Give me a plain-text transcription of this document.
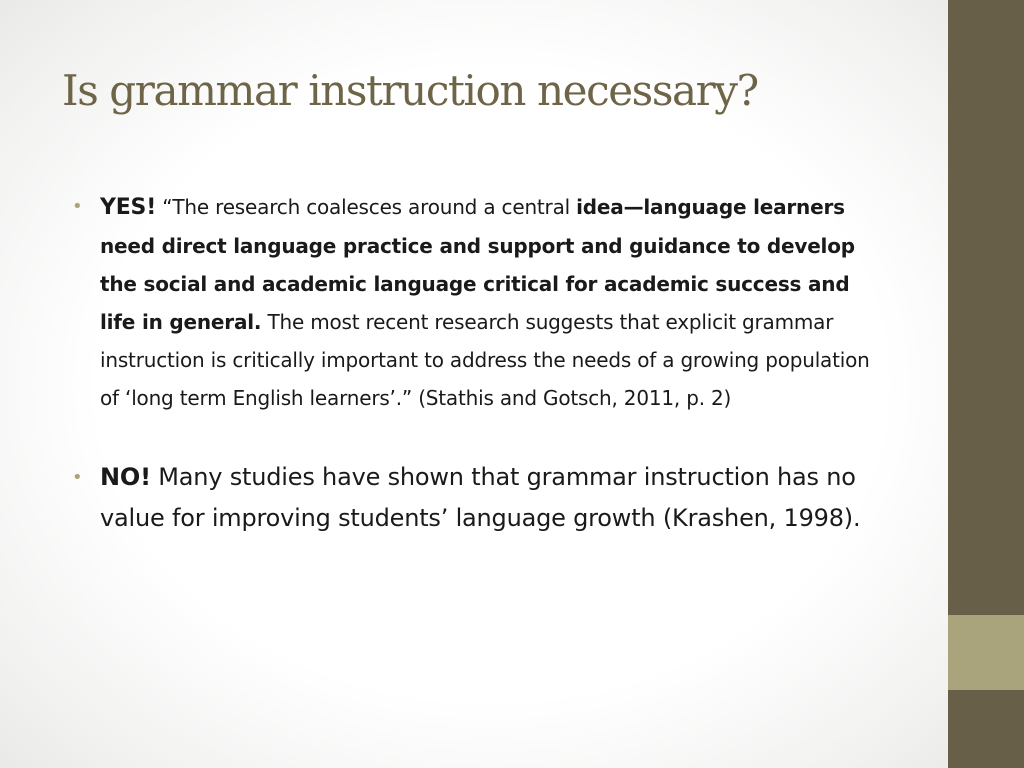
Is grammar instruction necessary?
• YES! “The research coalesces around a central idea—language learners need direct language practice and support and guidance to develop the social and academic language critical for academic success and life in general. The most recent research suggests that explicit grammar instruction is critically important to address the needs of a growing population of ‘long term English learners’.” (Stathis and Gotsch, 2011, p. 2)
• NO! Many studies have shown that grammar instruction has no value for improving students’ language growth (Krashen, 1998).
